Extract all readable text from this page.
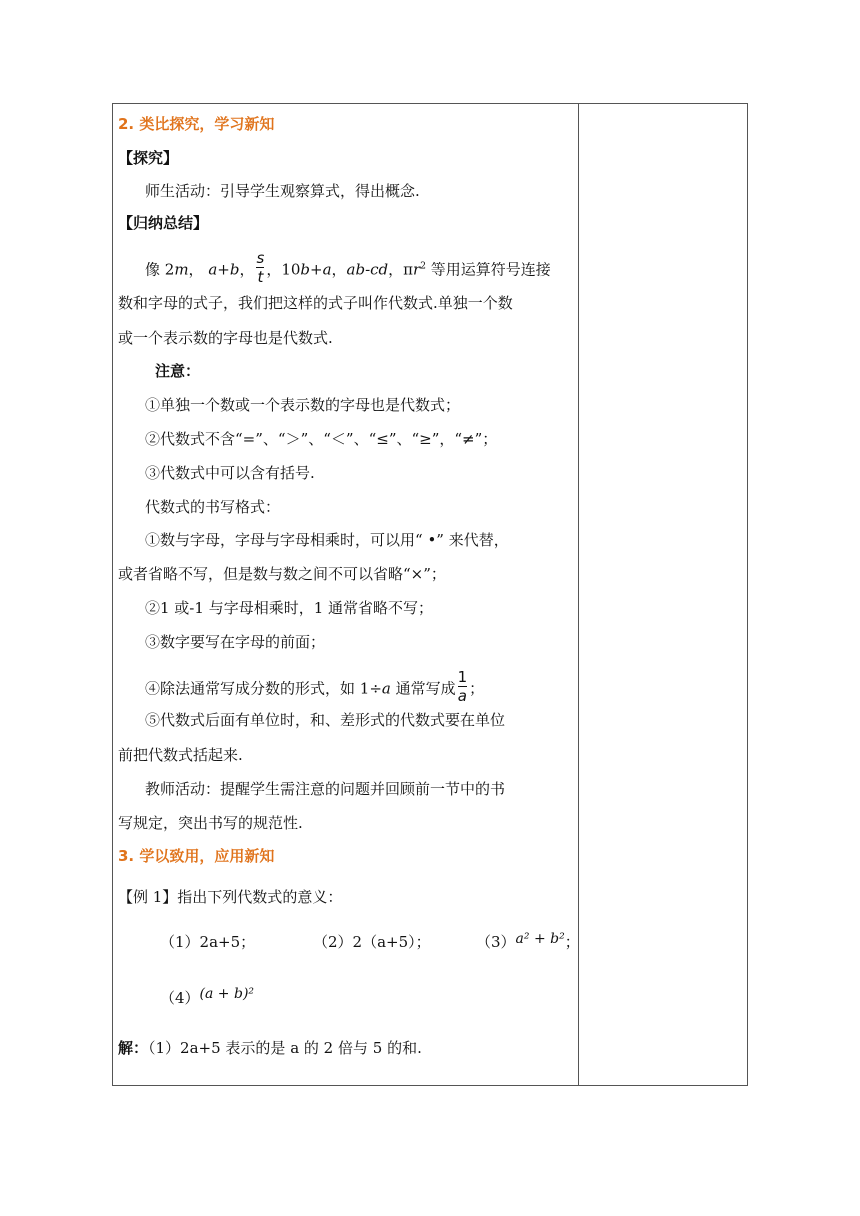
2. 类比探究，学习新知
【探究】
师生活动：引导学生观察算式，得出概念.
【归纳总结】
像 2m， a+b， $\frac{s}{t}$ ，10b+a，ab-cd，$\pi r^2$ 等用运算符号连接
数和字母的式子，我们把这样的式子叫作代数式.单独一个数
或一个表示数的字母也是代数式.
注意：
①单独一个数或一个表示数的字母也是代数式；
②代数式不含“=”、“＞”、“＜”、“≤”、“≥”，“≠”；
③代数式中可以含有括号.
代数式的书写格式：
①数与字母，字母与字母相乘时，可以用“ •” 来代替，
或者省略不写，但是数与数之间不可以省略“×”；
②1 或-1 与字母相乘时，1 通常省略不写；
③数字要写在字母的前面；
④除法通常写成分数的形式，如 1÷a 通常写成 $\frac{1}{a}$ ；
⑤代数式后面有单位时，和、差形式的代数式要在单位
前把代数式括起来.
教师活动：提醒学生需注意的问题并回顾前一节中的书
写规定，突出书写的规范性.
3. 学以致用，应用新知
【例 1】指出下列代数式的意义：
（1）2a+5；	（2）2（a+5）；	（3）a² + b²；
（4）(a + b)²
解：（1）2a+5 表示的是 a 的 2 倍与 5 的和.
